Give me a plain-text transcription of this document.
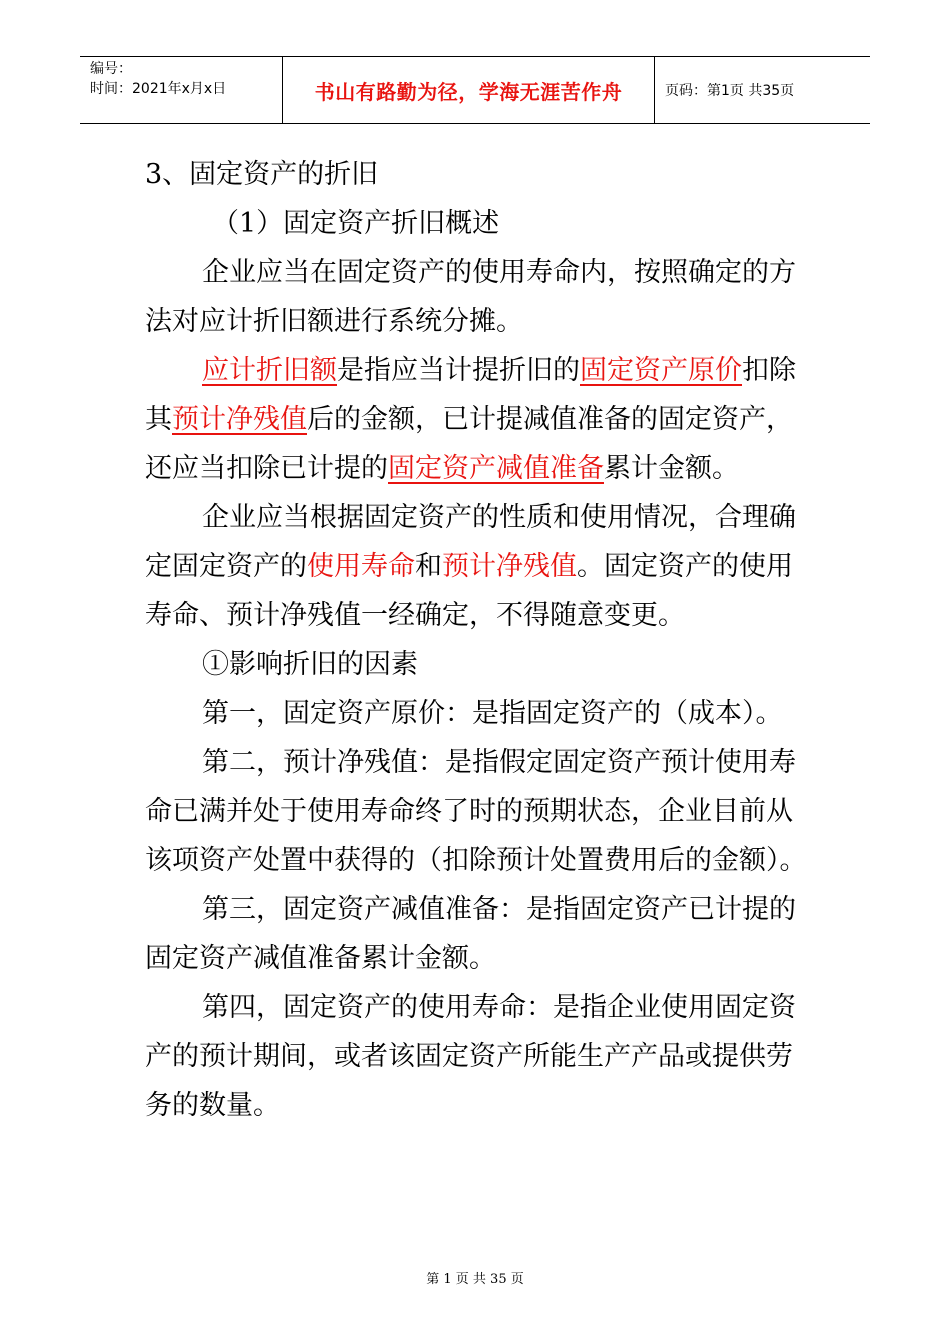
编号：
时间：2021年x月x日	书山有路勤为径，学海无涯苦作舟	页码：第1页 共35页

3、固定资产的折旧

（1）固定资产折旧概述

企业应当在固定资产的使用寿命内，按照确定的方法对应计折旧额进行系统分摊。

应计折旧额是指应当计提折旧的固定资产原价扣除其预计净残值后的金额，已计提减值准备的固定资产，还应当扣除已计提的固定资产减值准备累计金额。

企业应当根据固定资产的性质和使用情况，合理确定固定资产的使用寿命和预计净残值。固定资产的使用寿命、预计净残值一经确定，不得随意变更。

①影响折旧的因素

第一，固定资产原价：是指固定资产的（成本）。

第二，预计净残值：是指假定固定资产预计使用寿命已满并处于使用寿命终了时的预期状态，企业目前从该项资产处置中获得的（扣除预计处置费用后的金额）。

第三，固定资产减值准备：是指固定资产已计提的固定资产减值准备累计金额。

第四，固定资产的使用寿命：是指企业使用固定资产的预计期间，或者该固定资产所能生产产品或提供劳务的数量。

第 1 页 共 35 页
